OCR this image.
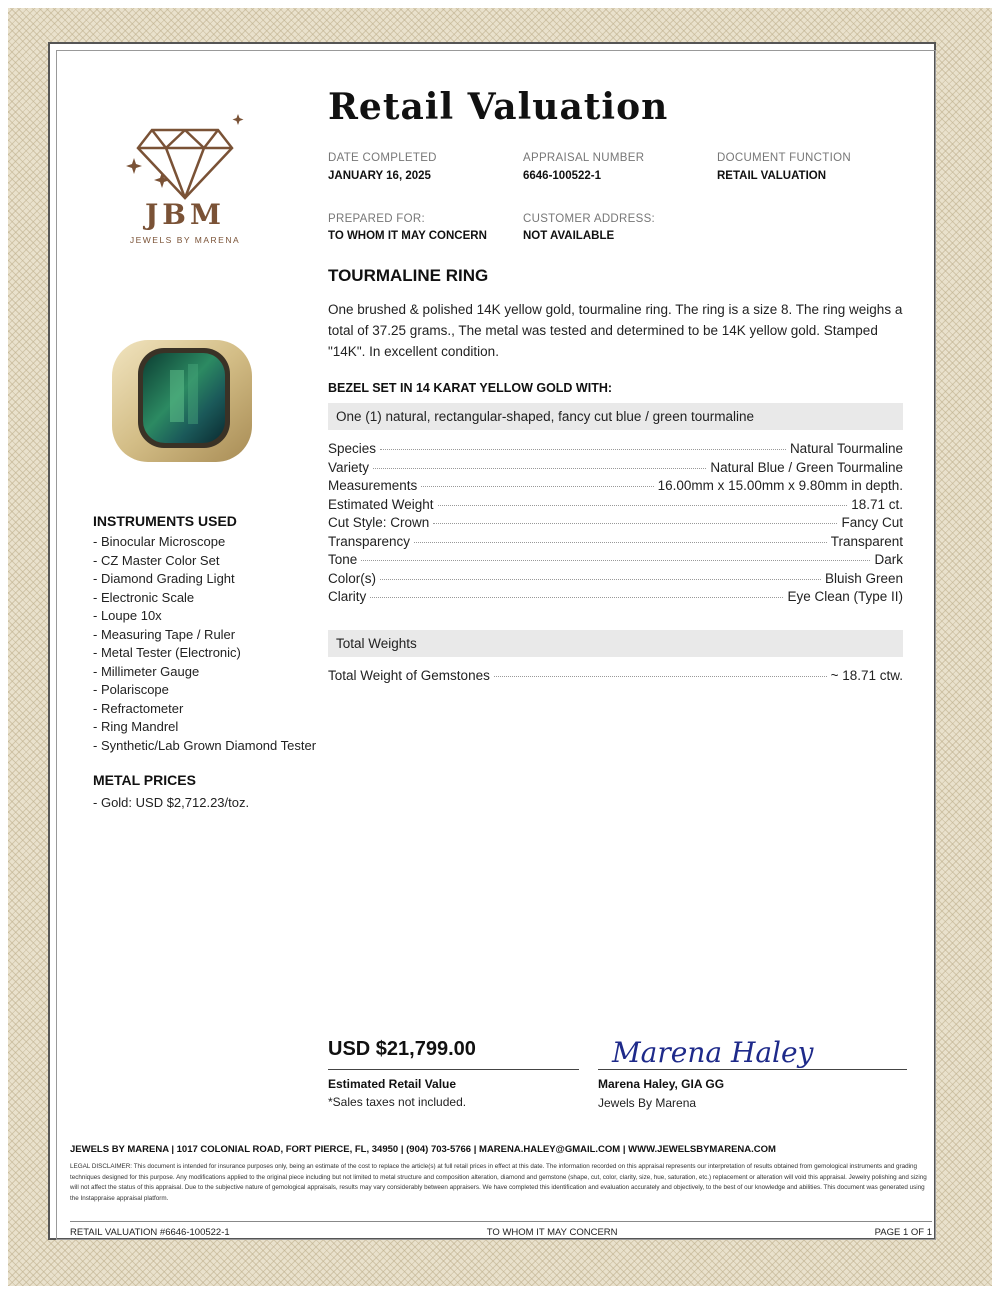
JBM
JEWELS BY MARENA
Retail Valuation
DATE COMPLETED
JANUARY 16, 2025
APPRAISAL NUMBER
6646-100522-1
DOCUMENT FUNCTION
RETAIL VALUATION
PREPARED FOR:
TO WHOM IT MAY CONCERN
CUSTOMER ADDRESS:
NOT AVAILABLE
TOURMALINE RING
One brushed & polished 14K yellow gold, tourmaline ring. The ring is a size 8. The ring weighs a total of 37.25 grams., The metal was tested and determined to be 14K yellow gold. Stamped "14K". In excellent condition.
BEZEL SET IN 14 KARAT YELLOW GOLD WITH:
One (1) natural, rectangular-shaped, fancy cut blue / green tourmaline
Species	Natural Tourmaline
Variety	Natural Blue / Green Tourmaline
Measurements	16.00mm x 15.00mm x 9.80mm in depth.
Estimated Weight	18.71 ct.
Cut Style: Crown	Fancy Cut
Transparency	Transparent
Tone	Dark
Color(s)	Bluish Green
Clarity	Eye Clean (Type II)
Total Weights
Total Weight of Gemstones	~ 18.71 ctw.
INSTRUMENTS USED
- Binocular Microscope
- CZ Master Color Set
- Diamond Grading Light
- Electronic Scale
- Loupe 10x
- Measuring Tape / Ruler
- Metal Tester (Electronic)
- Millimeter Gauge
- Polariscope
- Refractometer
- Ring Mandrel
- Synthetic/Lab Grown Diamond Tester
METAL PRICES
- Gold: USD $2,712.23/toz.
USD $21,799.00
Estimated Retail Value
*Sales taxes not included.
Marena Haley
Marena Haley, GIA GG
Jewels By Marena
JEWELS BY MARENA | 1017 COLONIAL ROAD, FORT PIERCE, FL, 34950 | (904) 703-5766 | MARENA.HALEY@GMAIL.COM | WWW.JEWELSBYMARENA.COM
LEGAL DISCLAIMER: This document is intended for insurance purposes only, being an estimate of the cost to replace the article(s) at full retail prices in effect at this date. The information recorded on this appraisal represents our interpretation of results obtained from gemological instruments and grading techniques designed for this purpose. Any modifications applied to the original piece including but not limited to metal structure and composition alteration, diamond and gemstone (shape, cut, color, clarity, size, hue, saturation, etc.) replacement or alteration will void this appraisal. Jewelry polishing and sizing will not affect the status of this appraisal. Due to the subjective nature of gemological appraisals, results may vary considerably between appraisers. We have completed this identification and evaluation accurately and objectively, to the best of our knowledge and abilities. This document was generated using the Instappraise appraisal platform.
RETAIL VALUATION #6646-100522-1	TO WHOM IT MAY CONCERN	PAGE 1 OF 1
